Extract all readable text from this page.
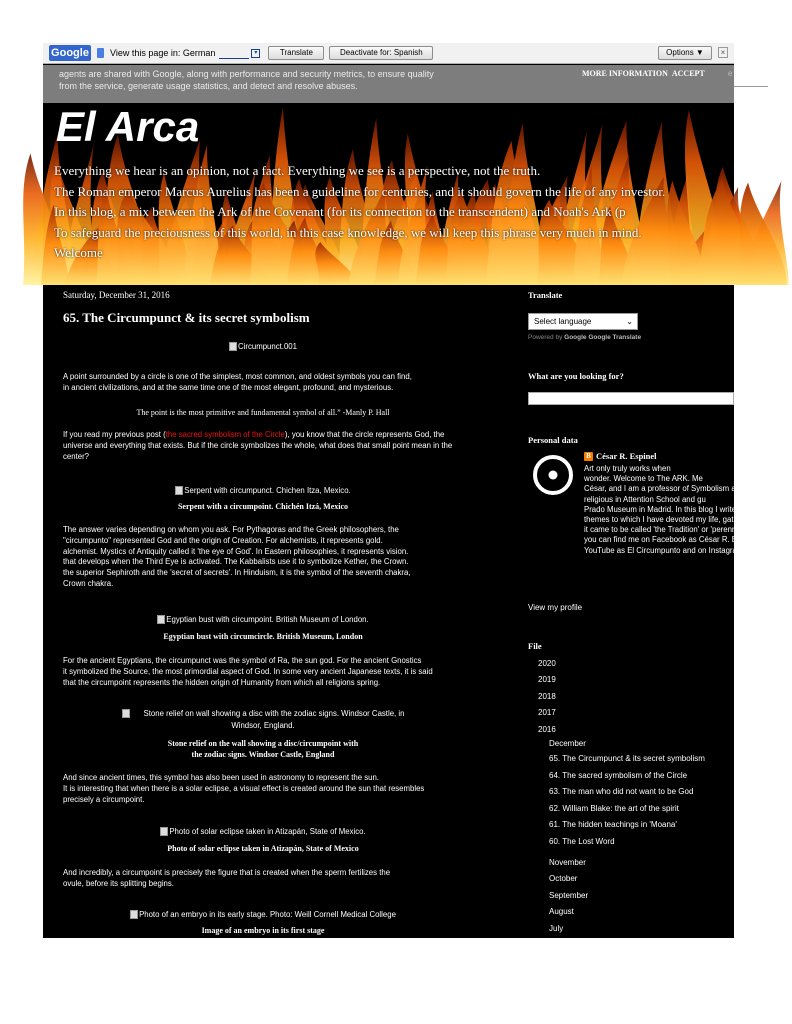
Google View this page in: German	▾	Translate	Deactivate for: Spanish	Options ▼	×
agents are shared with Google, along with performance and security metrics, to ensure quality
from the service, generate usage statistics, and detect and resolve abuses.
MORE INFORMATION ACCEPT
El Arca
Everything we hear is an opinion, not a fact. Everything we see is a perspective, not the truth.
The Roman emperor Marcus Aurelius has been a guideline for centuries, and it should govern the life of any investor.
In this blog, a mix between the Ark of the Covenant (for its connection to the transcendent) and Noah's Ark (p
To safeguard the preciousness of this world, in this case knowledge, we will keep this phrase very much in mind.
Welcome
Saturday, December 31, 2016
65. The Circumpunct & its secret symbolism
Circumpunct.001
A point surrounded by a circle is one of the simplest, most common, and oldest symbols you can find,
in ancient civilizations, and at the same time one of the most elegant, profound, and mysterious.
The point is the most primitive and fundamental symbol of all.” -Manly P. Hall
If you read my previous post (the sacred symbolism of the Circle), you know that the circle represents God, the
universe and everything that exists. But if the circle symbolizes the whole, what does that small point mean in the
center?
Serpent with circumpunct. Chichen Itza, Mexico.
Serpent with a circumpoint. Chichén Itzá, Mexico
The answer varies depending on whom you ask. For Pythagoras and the Greek philosophers, the
"circumpunto" represented God and the origin of Creation. For alchemists, it represents gold.
alchemist. Mystics of Antiquity called it 'the eye of God'. In Eastern philosophies, it represents vision.
that develops when the Third Eye is activated. The Kabbalists use it to symbolize Kether, the Crown.
the superior Sephiroth and the 'secret of secrets'. In Hinduism, it is the symbol of the seventh chakra,
Crown chakra.
Egyptian bust with circumpoint. British Museum of London.
Egyptian bust with circumcircle. British Museum, London
For the ancient Egyptians, the circumpunct was the symbol of Ra, the sun god. For the ancient Gnostics
it symbolized the Source, the most primordial aspect of God. In some very ancient Japanese texts, it is said
that the circumpoint represents the hidden origin of Humanity from which all religions spring.
Stone relief on wall showing a disc with the zodiac signs. Windsor Castle, in
Windsor, England.
Stone relief on the wall showing a disc/circumpoint with
the zodiac signs. Windsor Castle, England
And since ancient times, this symbol has also been used in astronomy to represent the sun.
It is interesting that when there is a solar eclipse, a visual effect is created around the sun that resembles
precisely a circumpoint.
Photo of solar eclipse taken in Atizapán, State of Mexico.
Photo of solar eclipse taken in Atizapán, State of Mexico
And incredibly, a circumpoint is precisely the figure that is created when the sperm fertilizes the
ovule, before its splitting begins.
Photo of an embryo in its early stage. Photo: Weill Cornell Medical College
Image of an embryo in its first stage
Translate
Select language	⌄
Powered by Google Google Translate
What are you looking for?
Personal data
B César R. Espinel
Art only truly works when
wonder. Welcome to The ARK. Me
César, and I am a professor of Symbolism an
religious in Attention School and gu
Prado Museum in Madrid. In this blog I write about
themes to which I have devoted my life, gathered all
it came to be called 'the Tradition' or 'perennial philosophy'. I
you can find me on Facebook as César R. Esp
YouTube as El Circumpunto and on Instagram as
View my profile
File
2020
2019
2018
2017
2016
December
65. The Circumpunct & its secret symbolism
64. The sacred symbolism of the Circle
63. The man who did not want to be God
62. William Blake: the art of the spirit
61. The hidden teachings in 'Moana'
60. The Lost Word
November
October
September
August
July
June
May
abril
e
